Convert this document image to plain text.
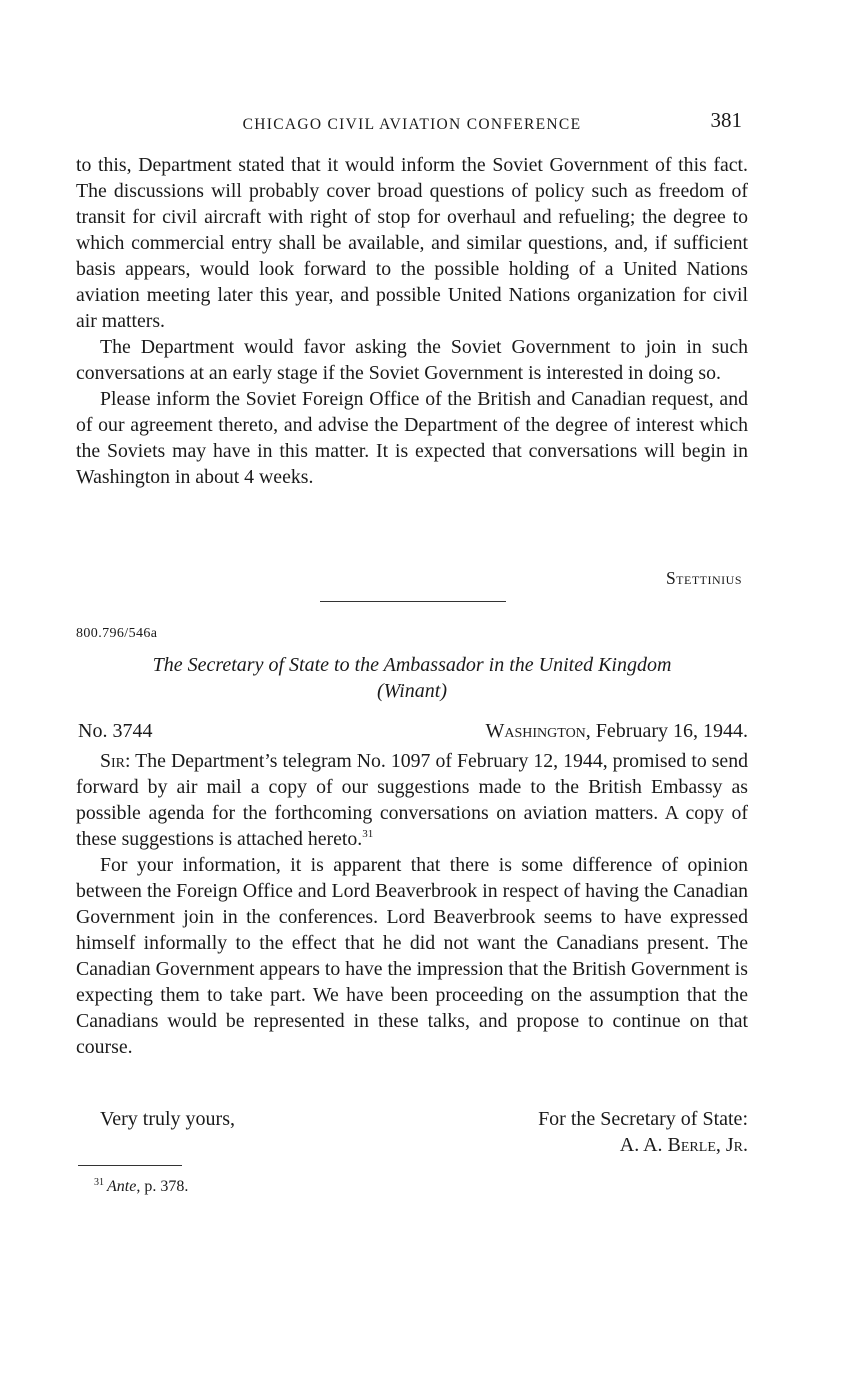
CHICAGO CIVIL AVIATION CONFERENCE	381

to this, Department stated that it would inform the Soviet Government of this fact. The discussions will probably cover broad questions of policy such as freedom of transit for civil aircraft with right of stop for overhaul and refueling; the degree to which commercial entry shall be available, and similar questions, and, if sufficient basis appears, would look forward to the possible holding of a United Nations aviation meeting later this year, and possible United Nations organization for civil air matters.

The Department would favor asking the Soviet Government to join in such conversations at an early stage if the Soviet Government is interested in doing so.

Please inform the Soviet Foreign Office of the British and Canadian request, and of our agreement thereto, and advise the Department of the degree of interest which the Soviets may have in this matter. It is expected that conversations will begin in Washington in about 4 weeks.

Stettinius
800.796/546a
The Secretary of State to the Ambassador in the United Kingdom
(Winant)
No. 3744	Washington, February 16, 1944.

Sir: The Department’s telegram No. 1097 of February 12, 1944, promised to send forward by air mail a copy of our suggestions made to the British Embassy as possible agenda for the forthcoming conversations on aviation matters. A copy of these suggestions is attached hereto.$^{31}$

For your information, it is apparent that there is some difference of opinion between the Foreign Office and Lord Beaverbrook in respect of having the Canadian Government join in the conferences. Lord Beaverbrook seems to have expressed himself informally to the effect that he did not want the Canadians present. The Canadian Government appears to have the impression that the British Government is expecting them to take part. We have been proceeding on the assumption that the Canadians would be represented in these talks, and propose to continue on that course.

Very truly yours,	For the Secretary of State:
A. A. Berle, Jr.
$^{31}$ Ante, p. 378.
